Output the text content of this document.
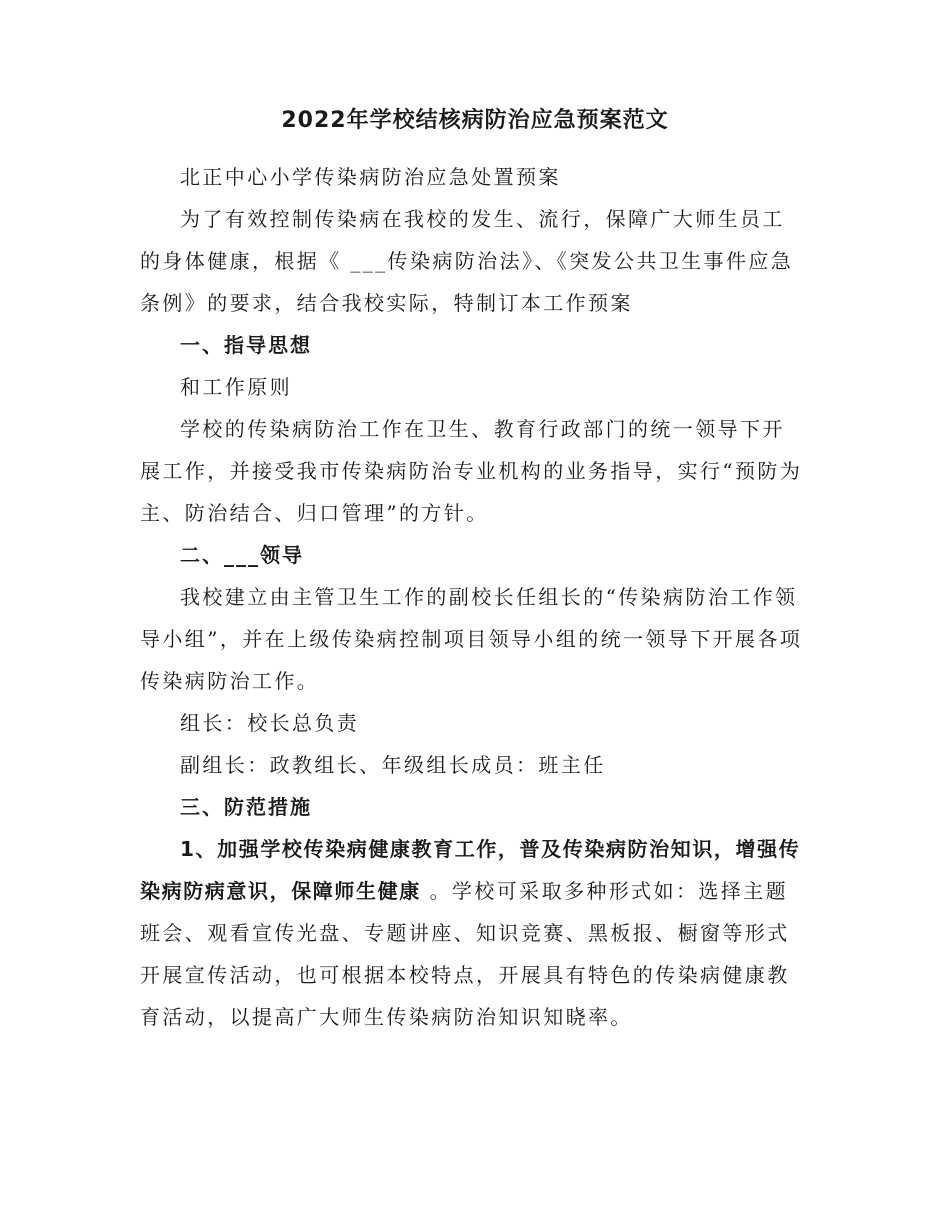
2022年学校结核病防治应急预案范文

北正中心小学传染病防治应急处置预案

为了有效控制传染病在我校的发生、流行，保障广大师生员工的身体健康，根据《 ___传染病防治法》、《突发公共卫生事件应急条例》的要求，结合我校实际，特制订本工作预案

一、指导思想

和工作原则

学校的传染病防治工作在卫生、教育行政部门的统一领导下开展工作，并接受我市传染病防治专业机构的业务指导，实行“预防为主、防治结合、归口管理”的方针。

二、___领导

我校建立由主管卫生工作的副校长任组长的“传染病防治工作领导小组”，并在上级传染病控制项目领导小组的统一领导下开展各项传染病防治工作。

组长：校长总负责

副组长：政教组长、年级组长成员：班主任

三、防范措施

1、加强学校传染病健康教育工作，普及传染病防治知识，增强传染病防病意识，保障师生健康 。学校可采取多种形式如：选择主题班会、观看宣传光盘、专题讲座、知识竞赛、黑板报、橱窗等形式开展宣传活动，也可根据本校特点，开展具有特色的传染病健康教育活动，以提高广大师生传染病防治知识知晓率。
